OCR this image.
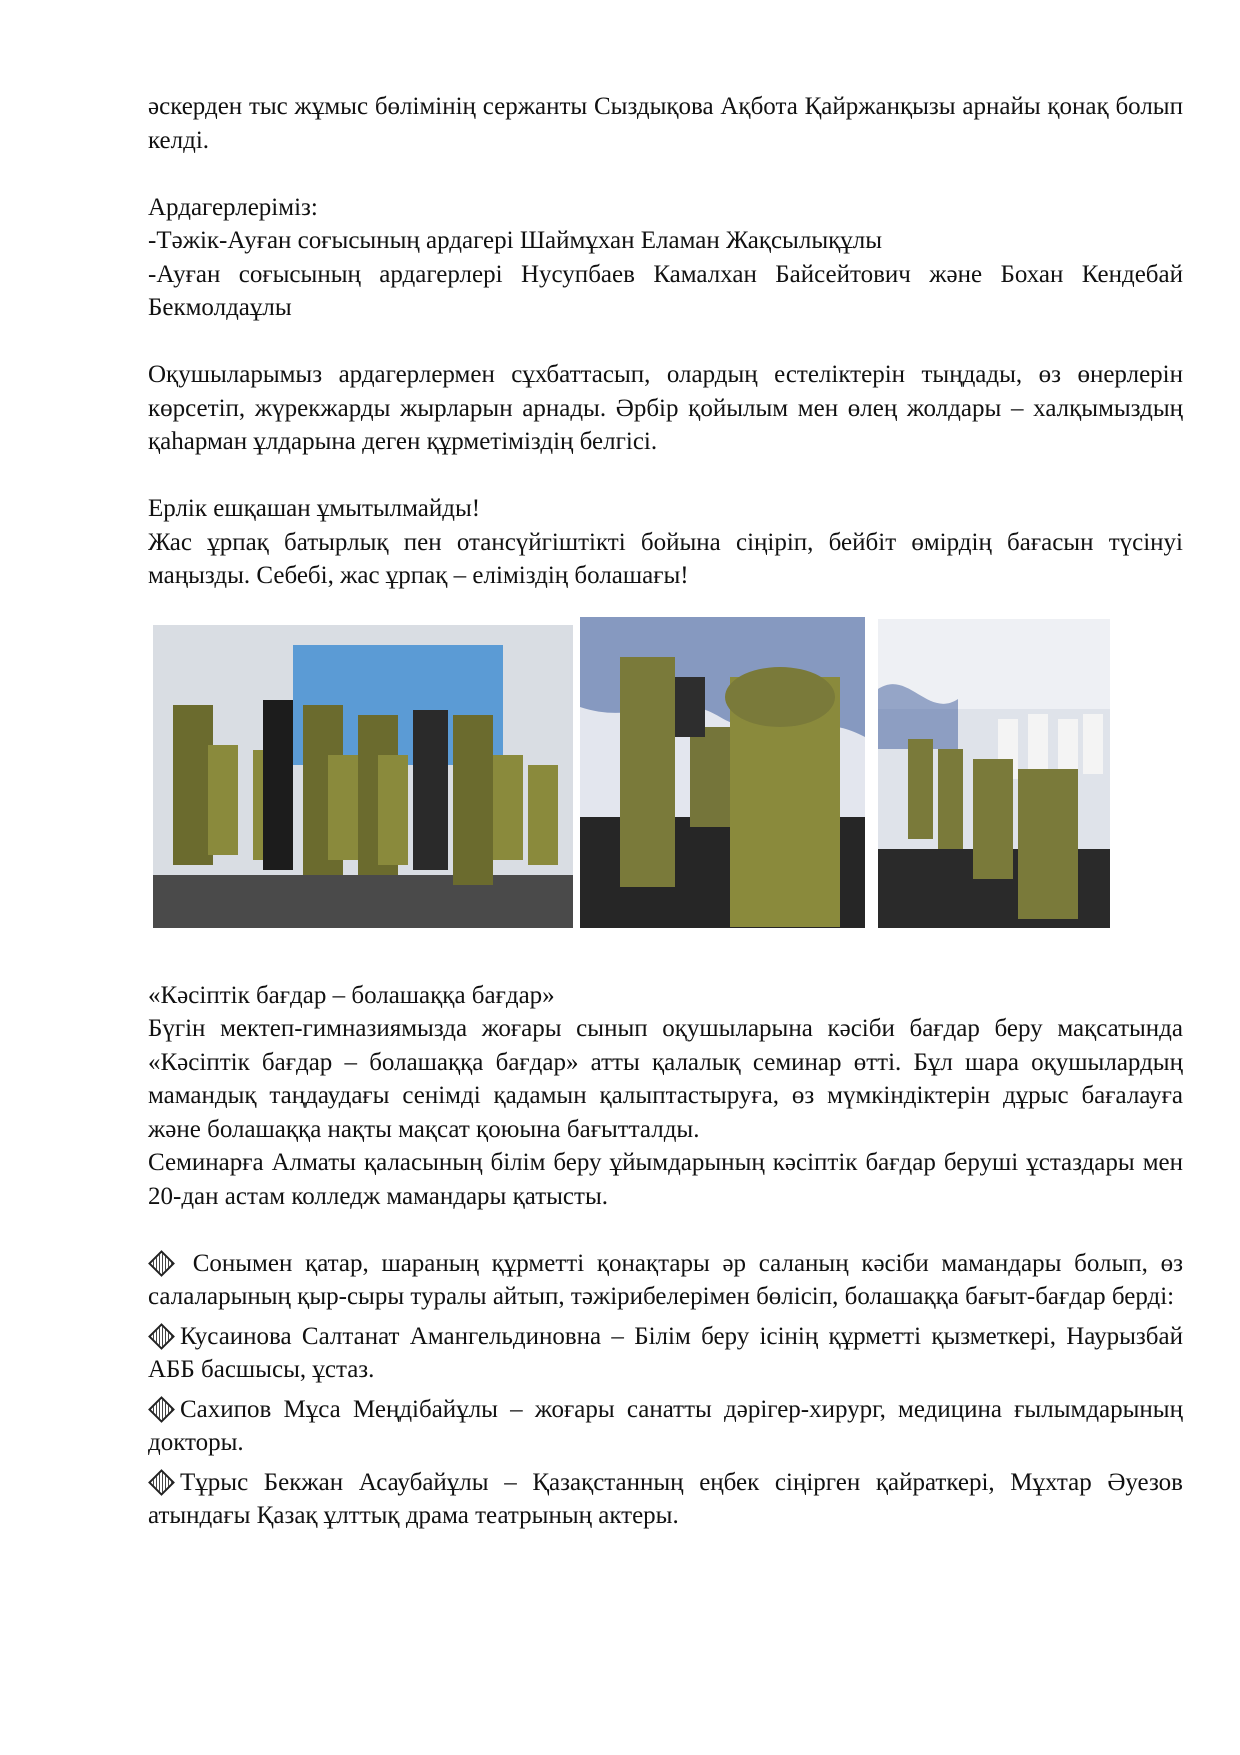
әскерден тыс жұмыс бөлімінің сержанты Сыздықова Ақбота Қайржанқызы арнайы қонақ болып келді.

Ардагерлеріміз:

-Тәжік-Ауған соғысының ардагері Шаймұхан Еламан Жақсылықұлы

-Ауған соғысының ардагерлері Нусупбаев Камалхан Байсейтович және Бохан Кендебай Бекмолдаұлы

Оқушыларымыз ардагерлермен сұхбаттасып, олардың естеліктерін тыңдады, өз өнерлерін көрсетіп, жүрекжарды жырларын арнады. Әрбір қойылым мен өлең жолдары – халқымыздың қаһарман ұлдарына деген құрметіміздің белгісі.

Ерлік ешқашан ұмытылмайды!

Жас ұрпақ батырлық пен отансүйгіштікті бойына сіңіріп, бейбіт өмірдің бағасын түсінуі маңызды. Себебі, жас ұрпақ – еліміздің болашағы!

«Кәсіптік бағдар – болашаққа бағдар»

Бүгін мектеп-гимназиямызда жоғары сынып оқушыларына кәсіби бағдар беру мақсатында «Кәсіптік бағдар – болашаққа бағдар» атты қалалық семинар өтті. Бұл шара оқушылардың мамандық таңдаудағы сенімді қадамын қалыптастыруға, өз мүмкіндіктерін дұрыс бағалауға және болашаққа нақты мақсат қоюына бағытталды.

Семинарға Алматы қаласының білім беру ұйымдарының кәсіптік бағдар беруші ұстаздары мен 20-дан астам колледж мамандары қатысты.

Сонымен қатар, шараның құрметті қонақтары әр саланың кәсіби мамандары болып, өз салаларының қыр-сыры туралы айтып, тәжірибелерімен бөлісіп, болашаққа бағыт-бағдар берді:

Кусаинова Салтанат Амангельдиновна – Білім беру ісінің құрметті қызметкері, Наурызбай АББ басшысы, ұстаз.

Сахипов Мұса Меңдібайұлы – жоғары санатты дәрігер-хирург, медицина ғылымдарының докторы.

Тұрыс Бекжан Асаубайұлы – Қазақстанның еңбек сіңірген қайраткері, Мұхтар Әуезов атындағы Қазақ ұлттық драма театрының актеры.
